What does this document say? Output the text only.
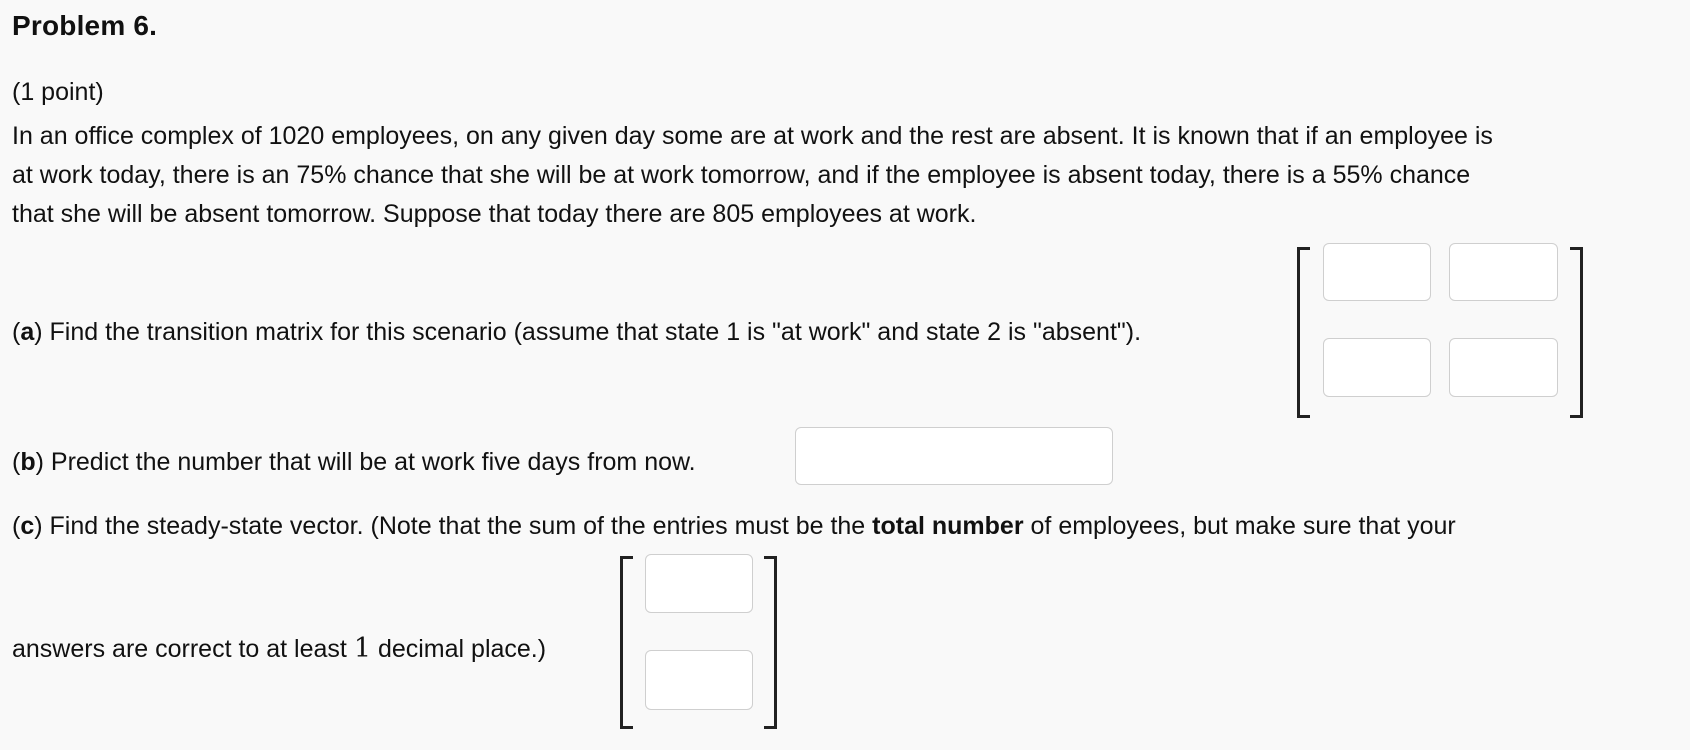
Problem 6.
(1 point)
In an office complex of 1020 employees, on any given day some are at work and the rest are absent. It is known that if an employee is
at work today, there is an 75% chance that she will be at work tomorrow, and if the employee is absent today, there is a 55% chance
that she will be absent tomorrow. Suppose that today there are 805 employees at work.
(a) Find the transition matrix for this scenario (assume that state 1 is "at work" and state 2 is "absent").
(b) Predict the number that will be at work five days from now.
(c) Find the steady-state vector. (Note that the sum of the entries must be the total number of employees, but make sure that your
answers are correct to at least 1 decimal place.)
